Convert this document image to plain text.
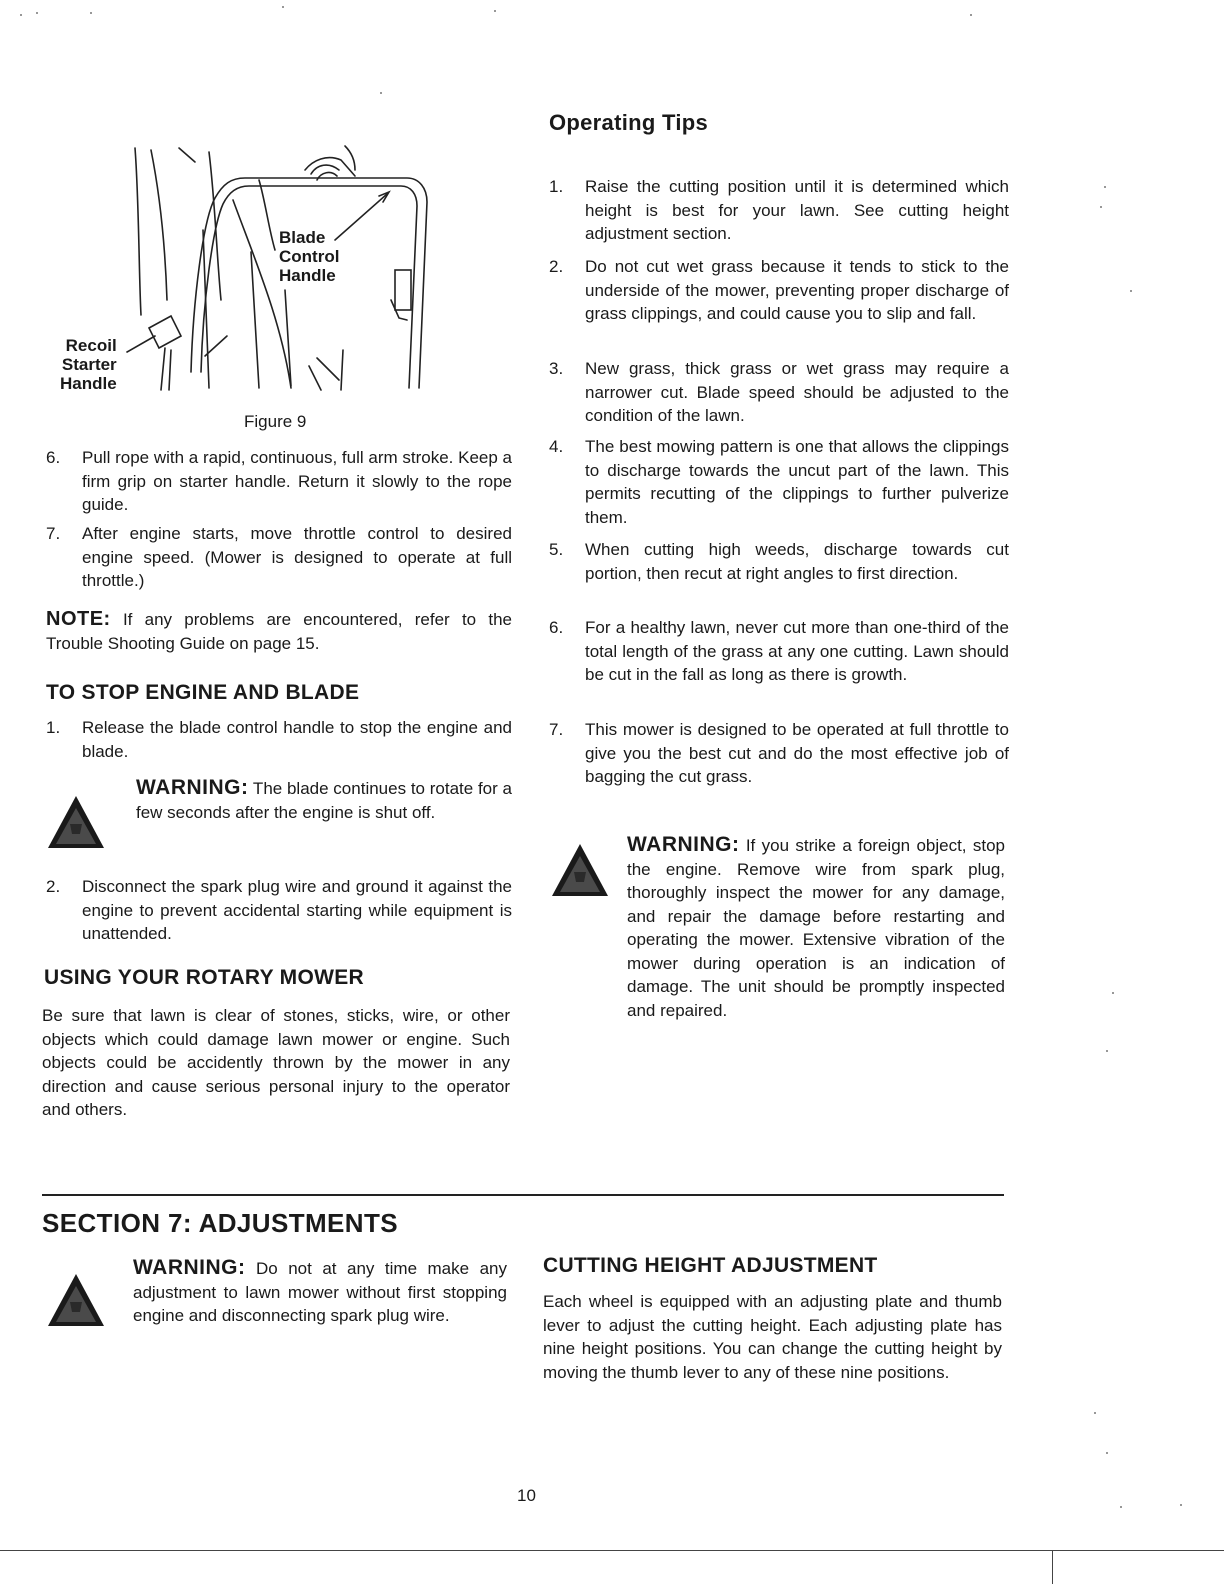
Blade
Control
Handle
Recoil
Starter
Handle
Figure 9
6. Pull rope with a rapid, continuous, full arm stroke. Keep a firm grip on starter handle. Return it slowly to the rope guide.
7. After engine starts, move throttle control to desired engine speed. (Mower is designed to operate at full throttle.)
NOTE: If any problems are encountered, refer to the Trouble Shooting Guide on page 15.
TO STOP ENGINE AND BLADE
1. Release the blade control handle to stop the engine and blade.
WARNING: The blade continues to rotate for a few seconds after the engine is shut off.
2. Disconnect the spark plug wire and ground it against the engine to prevent accidental starting while equipment is unattended.
USING YOUR ROTARY MOWER
Be sure that lawn is clear of stones, sticks, wire, or other objects which could damage lawn mower or engine. Such objects could be accidently thrown by the mower in any direction and cause serious personal injury to the operator and others.
Operating Tips
1. Raise the cutting position until it is determined which height is best for your lawn. See cutting height adjustment section.
2. Do not cut wet grass because it tends to stick to the underside of the mower, preventing proper discharge of grass clippings, and could cause you to slip and fall.
3. New grass, thick grass or wet grass may require a narrower cut. Blade speed should be adjusted to the condition of the lawn.
4. The best mowing pattern is one that allows the clippings to discharge towards the uncut part of the lawn. This permits recutting of the clippings to further pulverize them.
5. When cutting high weeds, discharge towards cut portion, then recut at right angles to first direction.
6. For a healthy lawn, never cut more than one-third of the total length of the grass at any one cutting. Lawn should be cut in the fall as long as there is growth.
7. This mower is designed to be operated at full throttle to give you the best cut and do the most effective job of bagging the cut grass.
WARNING: If you strike a foreign object, stop the engine. Remove wire from spark plug, thoroughly inspect the mower for any damage, and repair the damage before restarting and operating the mower. Extensive vibration of the mower during operation is an indication of damage. The unit should be promptly inspected and repaired.
SECTION 7: ADJUSTMENTS
WARNING: Do not at any time make any adjustment to lawn mower without first stopping engine and disconnecting spark plug wire.
CUTTING HEIGHT ADJUSTMENT
Each wheel is equipped with an adjusting plate and thumb lever to adjust the cutting height. Each adjusting plate has nine height positions. You can change the cutting height by moving the thumb lever to any of these nine positions.
10
